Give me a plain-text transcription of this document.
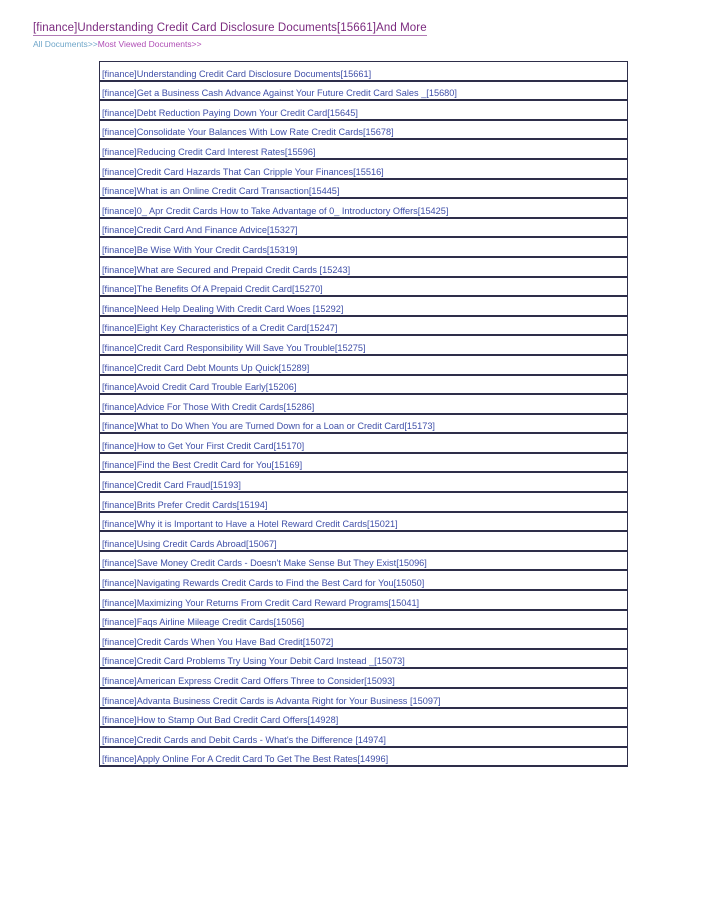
[finance]Understanding Credit Card Disclosure Documents[15661]And More
All Documents>>Most Viewed Documents>>
[finance]Understanding Credit Card Disclosure Documents[15661]
[finance]Get a Business Cash Advance Against Your Future Credit Card Sales _[15680]
[finance]Debt Reduction Paying Down Your Credit Card[15645]
[finance]Consolidate Your Balances With Low Rate Credit Cards[15678]
[finance]Reducing Credit Card Interest Rates[15596]
[finance]Credit Card Hazards That Can Cripple Your Finances[15516]
[finance]What is an Online Credit Card Transaction[15445]
[finance]0_ Apr Credit Cards How to Take Advantage of 0_ Introductory Offers[15425]
[finance]Credit Card And Finance Advice[15327]
[finance]Be Wise With Your Credit Cards[15319]
[finance]What are Secured and Prepaid Credit Cards [15243]
[finance]The Benefits Of A Prepaid Credit Card[15270]
[finance]Need Help Dealing With Credit Card Woes [15292]
[finance]Eight Key Characteristics of a Credit Card[15247]
[finance]Credit Card Responsibility Will Save You Trouble[15275]
[finance]Credit Card Debt Mounts Up Quick[15289]
[finance]Avoid Credit Card Trouble Early[15206]
[finance]Advice For Those With Credit Cards[15286]
[finance]What to Do When You are Turned Down for a Loan or Credit Card[15173]
[finance]How to Get Your First Credit Card[15170]
[finance]Find the Best Credit Card for You[15169]
[finance]Credit Card Fraud[15193]
[finance]Brits Prefer Credit Cards[15194]
[finance]Why it is Important to Have a Hotel Reward Credit Cards[15021]
[finance]Using Credit Cards Abroad[15067]
[finance]Save Money Credit Cards - Doesn't Make Sense But They Exist[15096]
[finance]Navigating Rewards Credit Cards to Find the Best Card for You[15050]
[finance]Maximizing Your Returns From Credit Card Reward Programs[15041]
[finance]Faqs Airline Mileage Credit Cards[15056]
[finance]Credit Cards When You Have Bad Credit[15072]
[finance]Credit Card Problems Try Using Your Debit Card Instead _[15073]
[finance]American Express Credit Card Offers Three to Consider[15093]
[finance]Advanta Business Credit Cards is Advanta Right for Your Business [15097]
[finance]How to Stamp Out Bad Credit Card Offers[14928]
[finance]Credit Cards and Debit Cards - What's the Difference [14974]
[finance]Apply Online For A Credit Card To Get The Best Rates[14996]
